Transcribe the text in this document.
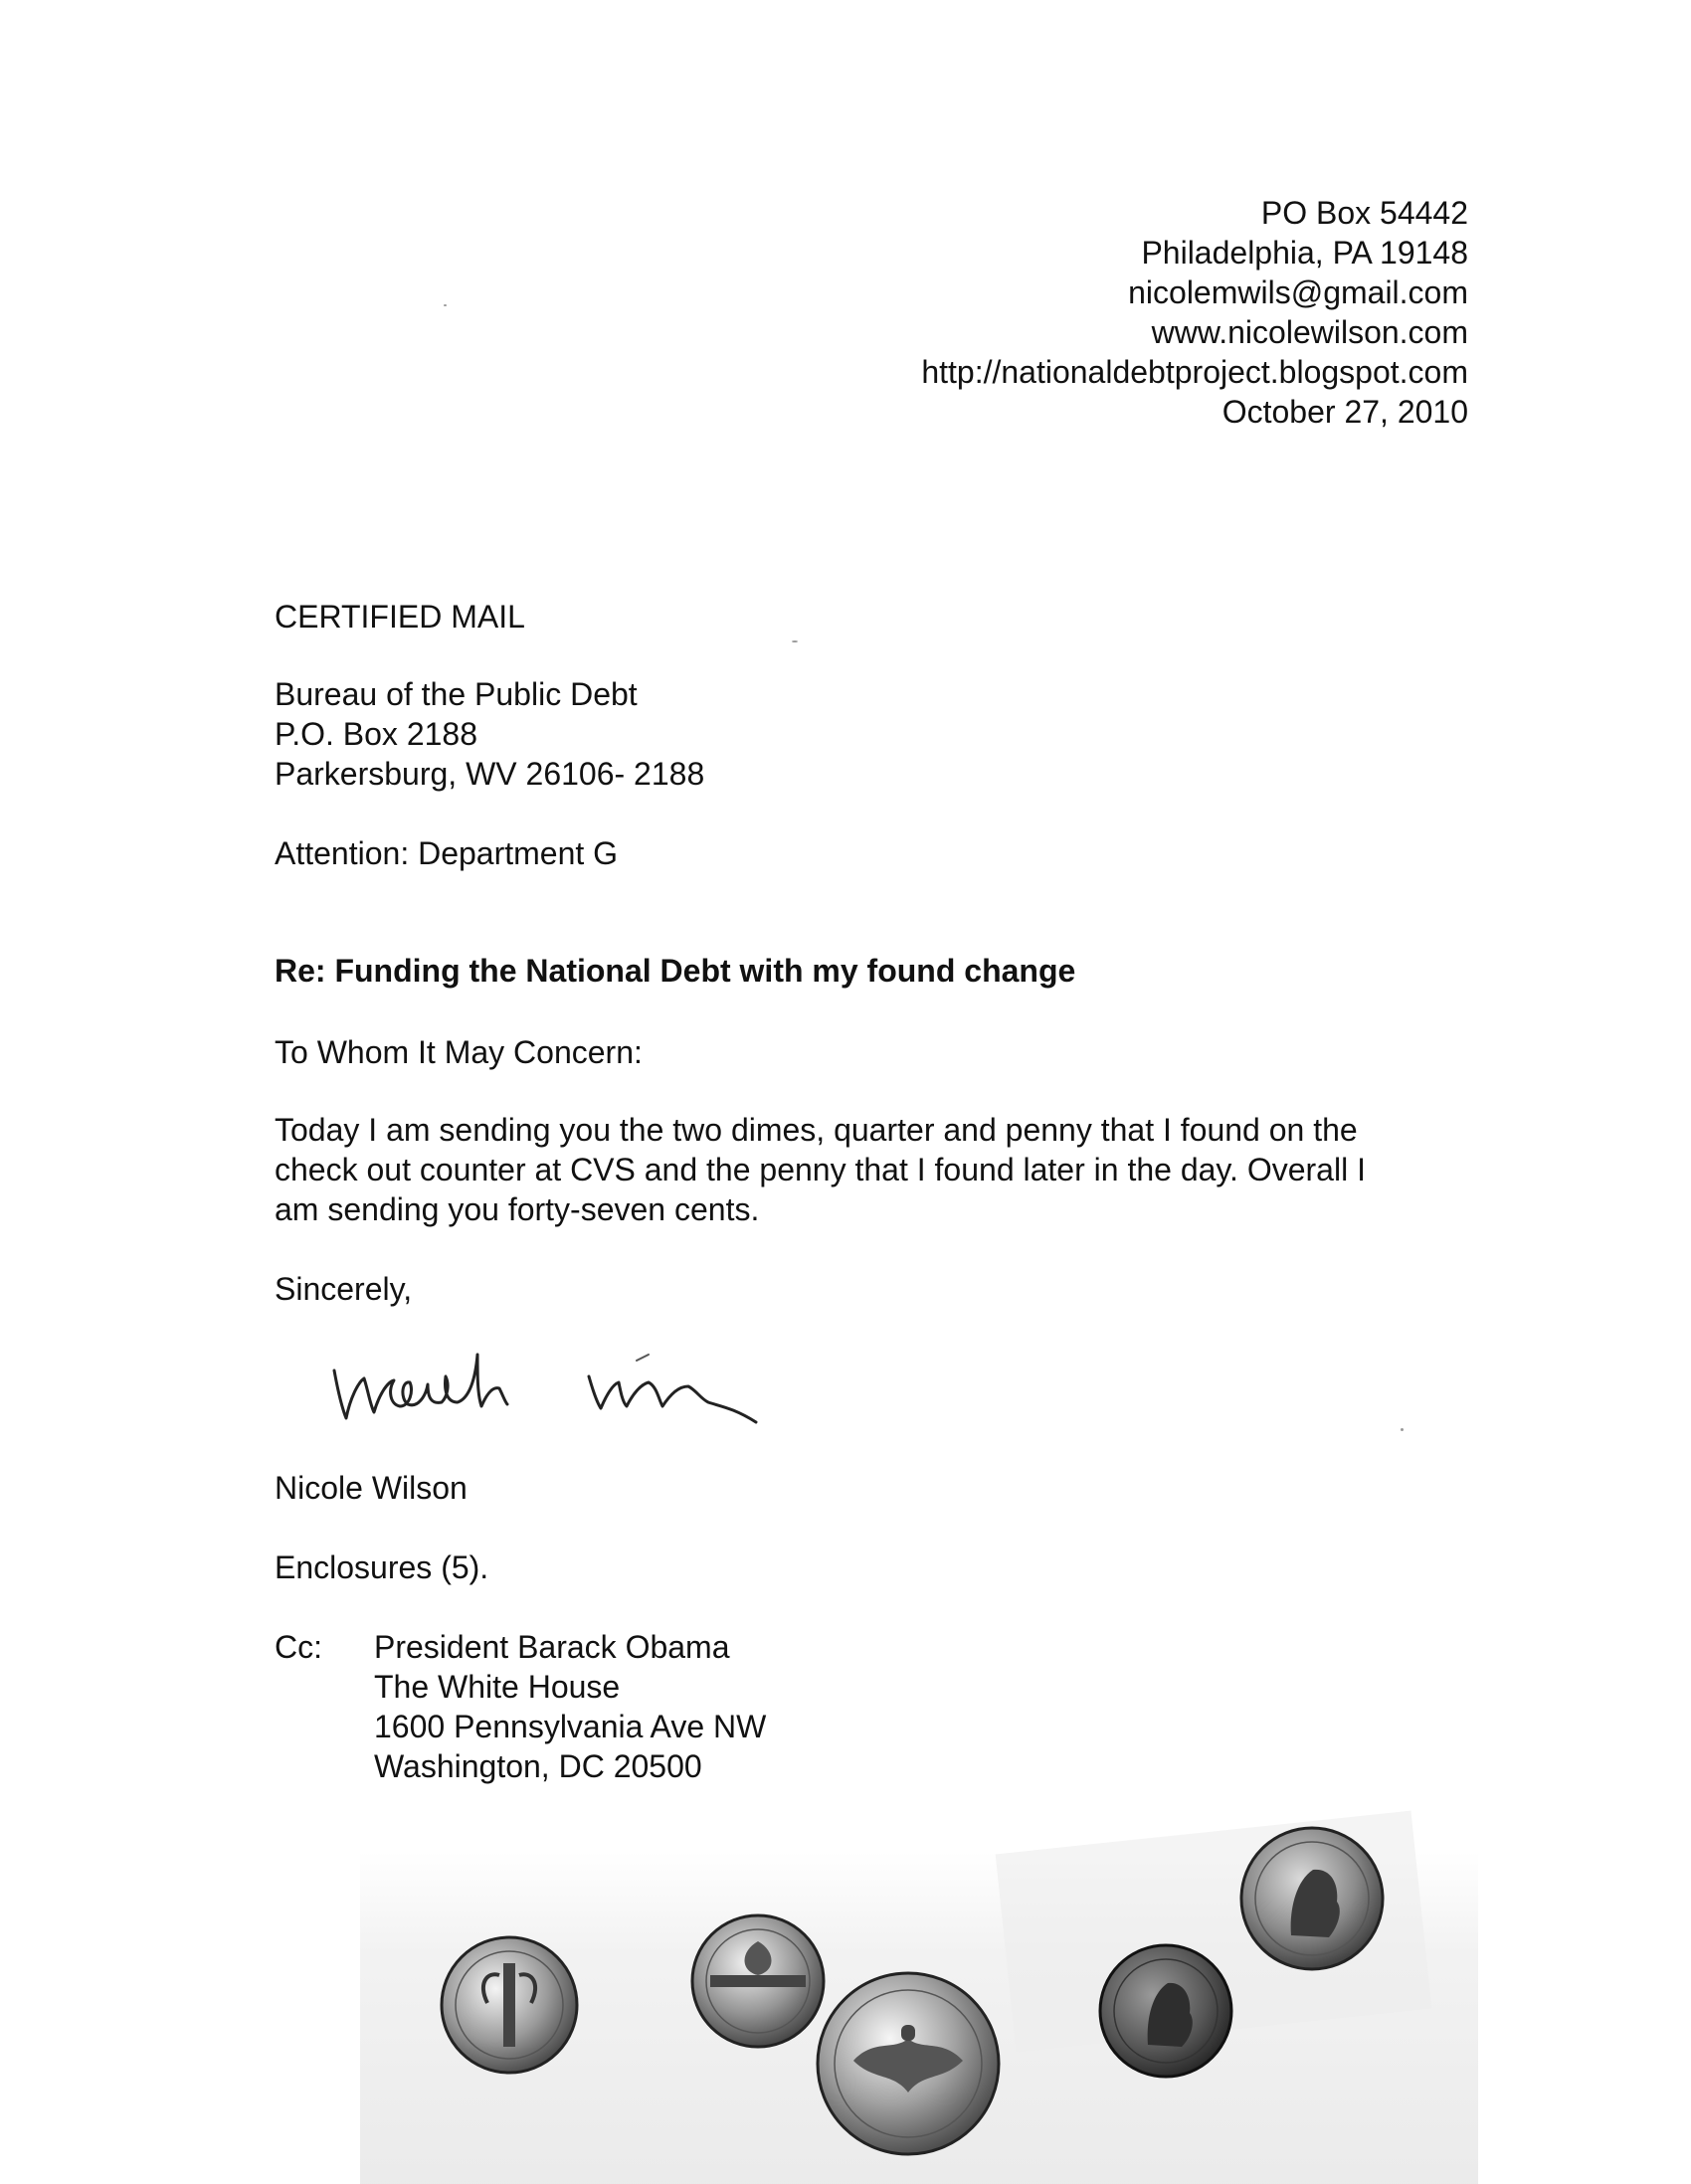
PO Box 54442
Philadelphia, PA 19148
nicolemwils@gmail.com
www.nicolewilson.com
http://nationaldebtproject.blogspot.com
October 27, 2010
CERTIFIED MAIL
Bureau of the Public Debt
P.O. Box 2188
Parkersburg, WV 26106- 2188
Attention: Department G
Re: Funding the National Debt with my found change
To Whom It May Concern:
Today I am sending you the two dimes, quarter and penny that I found on the
check out counter at CVS and the penny that I found later in the day. Overall I
am sending you forty-seven cents.
Sincerely,
Nicole Wilson
Enclosures (5).
Cc: President Barack Obama
The White House
1600 Pennsylvania Ave NW
Washington, DC 20500
